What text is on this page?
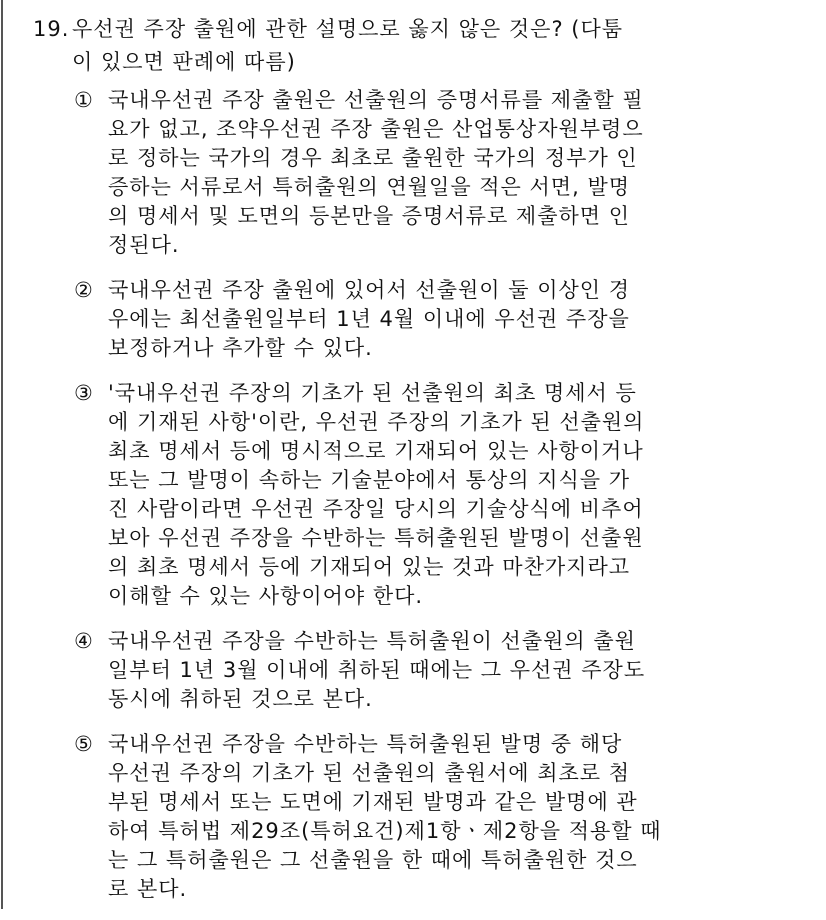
19. 우선권 주장 출원에 관한 설명으로 옳지 않은 것은? (다툼
이 있으면 판례에 따름)
① 국내우선권 주장 출원은 선출원의 증명서류를 제출할 필
요가 없고, 조약우선권 주장 출원은 산업통상자원부령으
로 정하는 국가의 경우 최초로 출원한 국가의 정부가 인
증하는 서류로서 특허출원의 연월일을 적은 서면, 발명
의 명세서 및 도면의 등본만을 증명서류로 제출하면 인
정된다.
② 국내우선권 주장 출원에 있어서 선출원이 둘 이상인 경
우에는 최선출원일부터 1년 4월 이내에 우선권 주장을
보정하거나 추가할 수 있다.
③ '국내우선권 주장의 기초가 된 선출원의 최초 명세서 등
에 기재된 사항'이란, 우선권 주장의 기초가 된 선출원의
최초 명세서 등에 명시적으로 기재되어 있는 사항이거나
또는 그 발명이 속하는 기술분야에서 통상의 지식을 가
진 사람이라면 우선권 주장일 당시의 기술상식에 비추어
보아 우선권 주장을 수반하는 특허출원된 발명이 선출원
의 최초 명세서 등에 기재되어 있는 것과 마찬가지라고
이해할 수 있는 사항이어야 한다.
④ 국내우선권 주장을 수반하는 특허출원이 선출원의 출원
일부터 1년 3월 이내에 취하된 때에는 그 우선권 주장도
동시에 취하된 것으로 본다.
⑤ 국내우선권 주장을 수반하는 특허출원된 발명 중 해당
우선권 주장의 기초가 된 선출원의 출원서에 최초로 첨
부된 명세서 또는 도면에 기재된 발명과 같은 발명에 관
하여 특허법 제29조(특허요건)제1항ㆍ제2항을 적용할 때
는 그 특허출원은 그 선출원을 한 때에 특허출원한 것으
로 본다.
